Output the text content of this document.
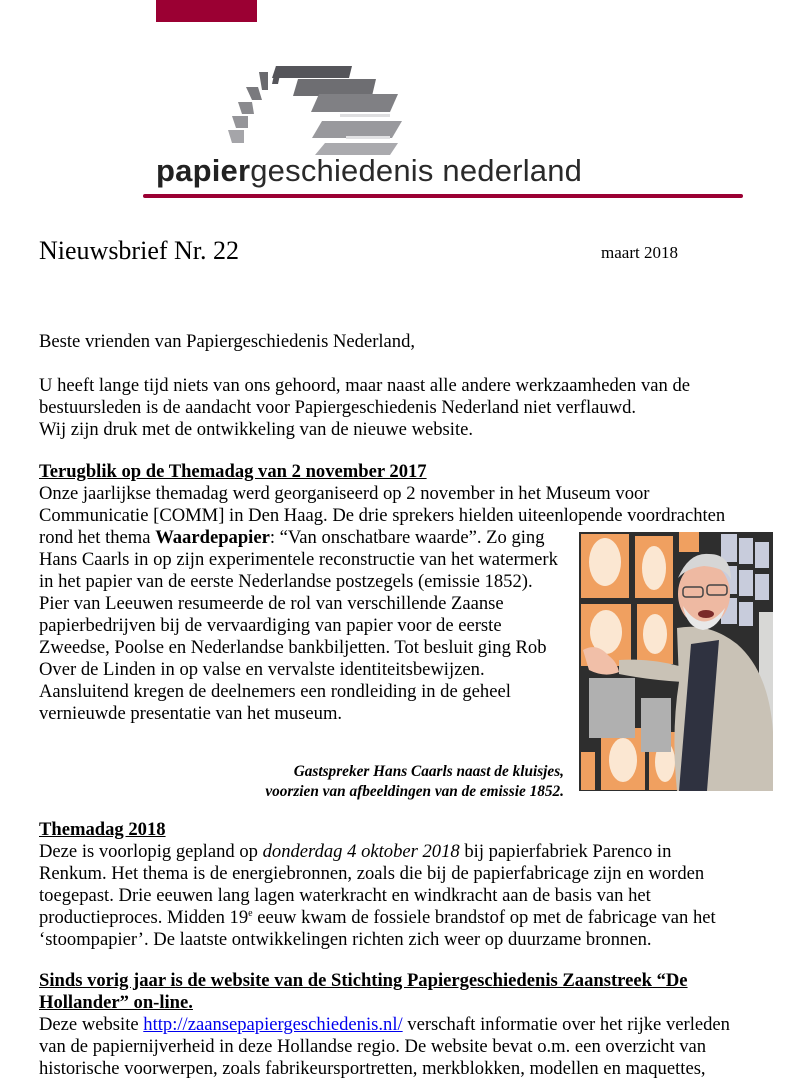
papiergeschiedenis nederland
Nieuwsbrief Nr. 22	maart 2018
Beste vrienden van Papiergeschiedenis Nederland,
U heeft lange tijd niets van ons gehoord, maar naast alle andere werkzaamheden van de
bestuursleden is de aandacht voor Papiergeschiedenis Nederland niet verflauwd.
Wij zijn druk met de ontwikkeling van de nieuwe website.
Terugblik op de Themadag van 2 november 2017
Onze jaarlijkse themadag werd georganiseerd op 2 november in het Museum voor
Communicatie [COMM] in Den Haag. De drie sprekers hielden uiteenlopende voordrachten
rond het thema Waardepapier: “Van onschatbare waarde”. Zo ging
Hans Caarls in op zijn experimentele reconstructie van het watermerk
in het papier van de eerste Nederlandse postzegels (emissie 1852).
Pier van Leeuwen resumeerde de rol van verschillende Zaanse
papierbedrijven bij de vervaardiging van papier voor de eerste
Zweedse, Poolse en Nederlandse bankbiljetten. Tot besluit ging Rob
Over de Linden in op valse en vervalste identiteitsbewijzen.
Aansluitend kregen de deelnemers een rondleiding in de geheel
vernieuwde presentatie van het museum.
Gastspreker Hans Caarls naast de kluisjes,
voorzien van afbeeldingen van de emissie 1852.
Themadag 2018
Deze is voorlopig gepland op donderdag 4 oktober 2018 bij papierfabriek Parenco in
Renkum. Het thema is de energiebronnen, zoals die bij de papierfabricage zijn en worden
toegepast. Drie eeuwen lang lagen waterkracht en windkracht aan de basis van het
productieproces. Midden 19e eeuw kwam de fossiele brandstof op met de fabricage van het
‘stoompapier’. De laatste ontwikkelingen richten zich weer op duurzame bronnen.
Sinds vorig jaar is de website van de Stichting Papiergeschiedenis Zaanstreek “De
Hollander” on-line.
Deze website http://zaansepapiergeschiedenis.nl/ verschaft informatie over het rijke verleden
van de papiernijverheid in deze Hollandse regio. De website bevat o.m. een overzicht van
historische voorwerpen, zoals fabrikeursportretten, merkblokken, modellen en maquettes,
